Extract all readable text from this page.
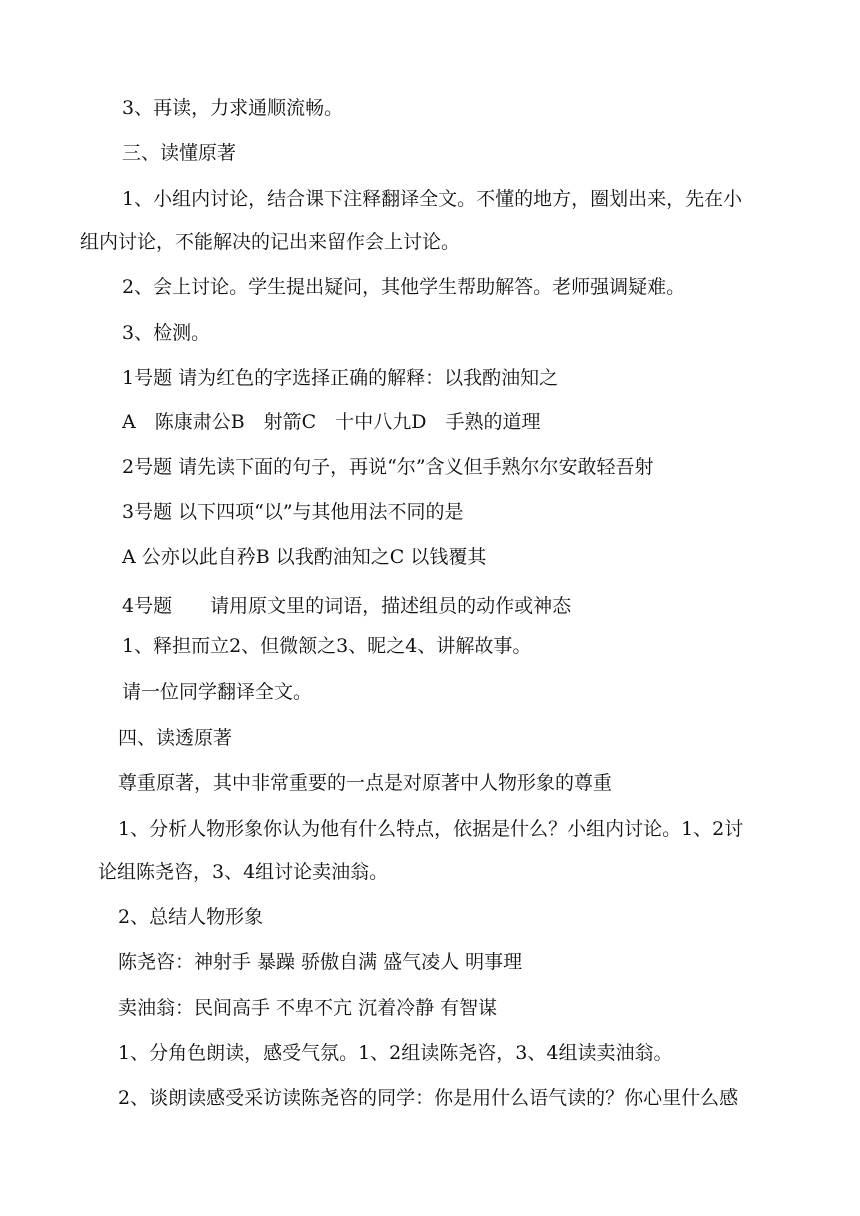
3、再读，力求通顺流畅。
三、读懂原著
1、小组内讨论，结合课下注释翻译全文。不懂的地方，圈划出来，先在小
组内讨论，不能解决的记出来留作会上讨论。
2、会上讨论。学生提出疑问，其他学生帮助解答。老师强调疑难。
3、检测。
1号题 请为红色的字选择正确的解释：以我酌油知之
A　陈康肃公B　射箭C　十中八九D　手熟的道理
2号题 请先读下面的句子，再说“尔”含义但手熟尔尔安敢轻吾射
3号题 以下四项“以”与其他用法不同的是
A 公亦以此自矜B 以我酌油知之C 以钱覆其
4号题　　请用原文里的词语，描述组员的动作或神态
1、释担而立2、但微颔之3、昵之4、讲解故事。
请一位同学翻译全文。
四、读透原著
尊重原著，其中非常重要的一点是对原著中人物形象的尊重
1、分析人物形象你认为他有什么特点，依据是什么？小组内讨论。1、2讨
论组陈尧咨，3、4组讨论卖油翁。
2、总结人物形象
陈尧咨：神射手 暴躁 骄傲自满 盛气凌人 明事理
卖油翁：民间高手 不卑不亢 沉着冷静 有智谋
1、分角色朗读，感受气氛。1、2组读陈尧咨，3、4组读卖油翁。
2、谈朗读感受采访读陈尧咨的同学：你是用什么语气读的？你心里什么感
